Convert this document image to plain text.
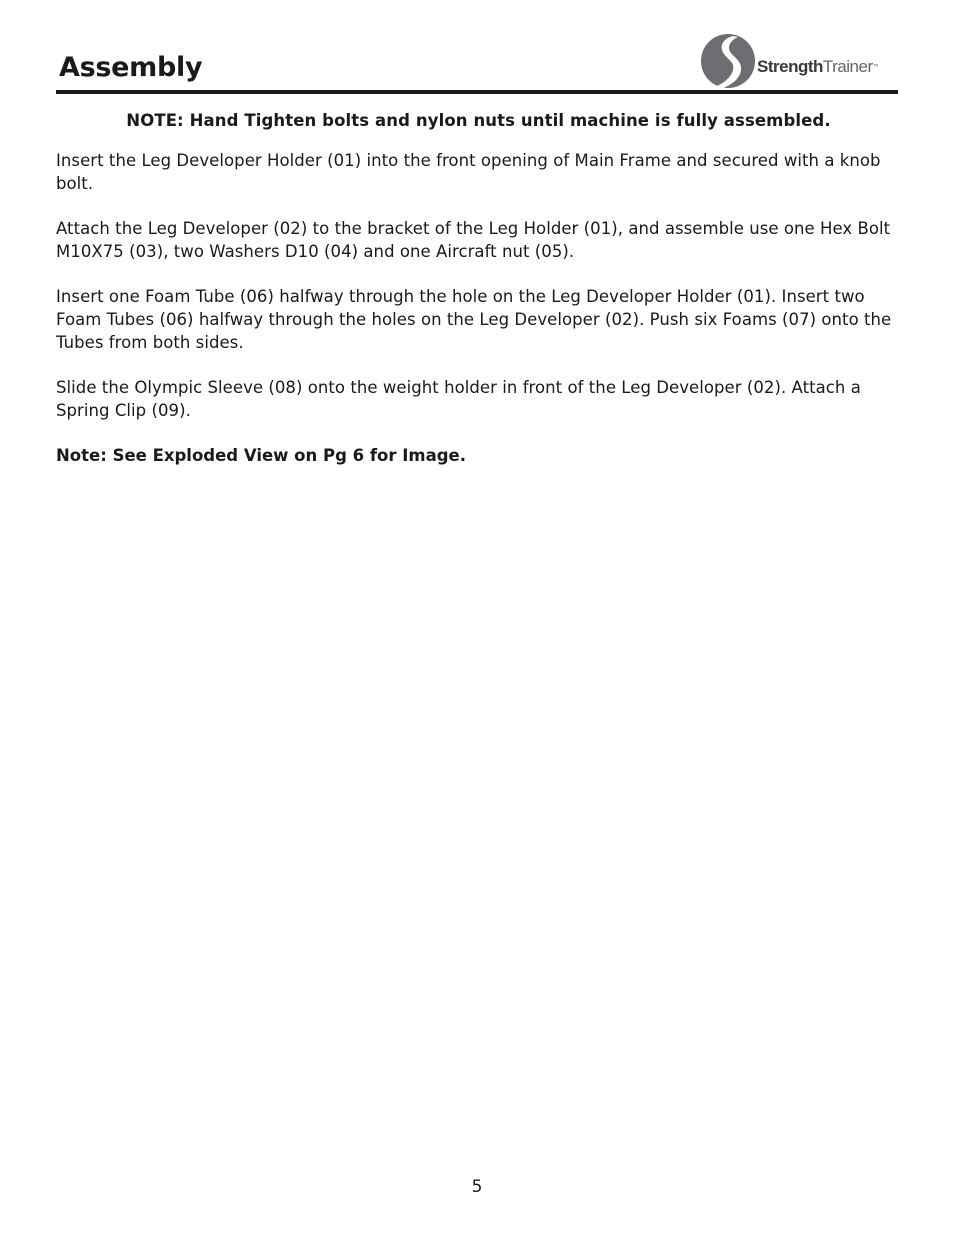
Assembly	StrengthTrainer™

NOTE: Hand Tighten bolts and nylon nuts until machine is fully assembled.

Insert the Leg Developer Holder (01) into the front opening of Main Frame and secured with a knob bolt.

Attach the Leg Developer (02) to the bracket of the Leg Holder (01), and assemble use one Hex Bolt M10X75 (03), two Washers D10 (04) and one Aircraft nut (05).

Insert one Foam Tube (06) halfway through the hole on the Leg Developer Holder (01). Insert two Foam Tubes (06) halfway through the holes on the Leg Developer (02). Push six Foams (07) onto the Tubes from both sides.

Slide the Olympic Sleeve (08) onto the weight holder in front of the Leg Developer (02). Attach a Spring Clip (09).

Note: See Exploded View on Pg 6 for Image.

5
